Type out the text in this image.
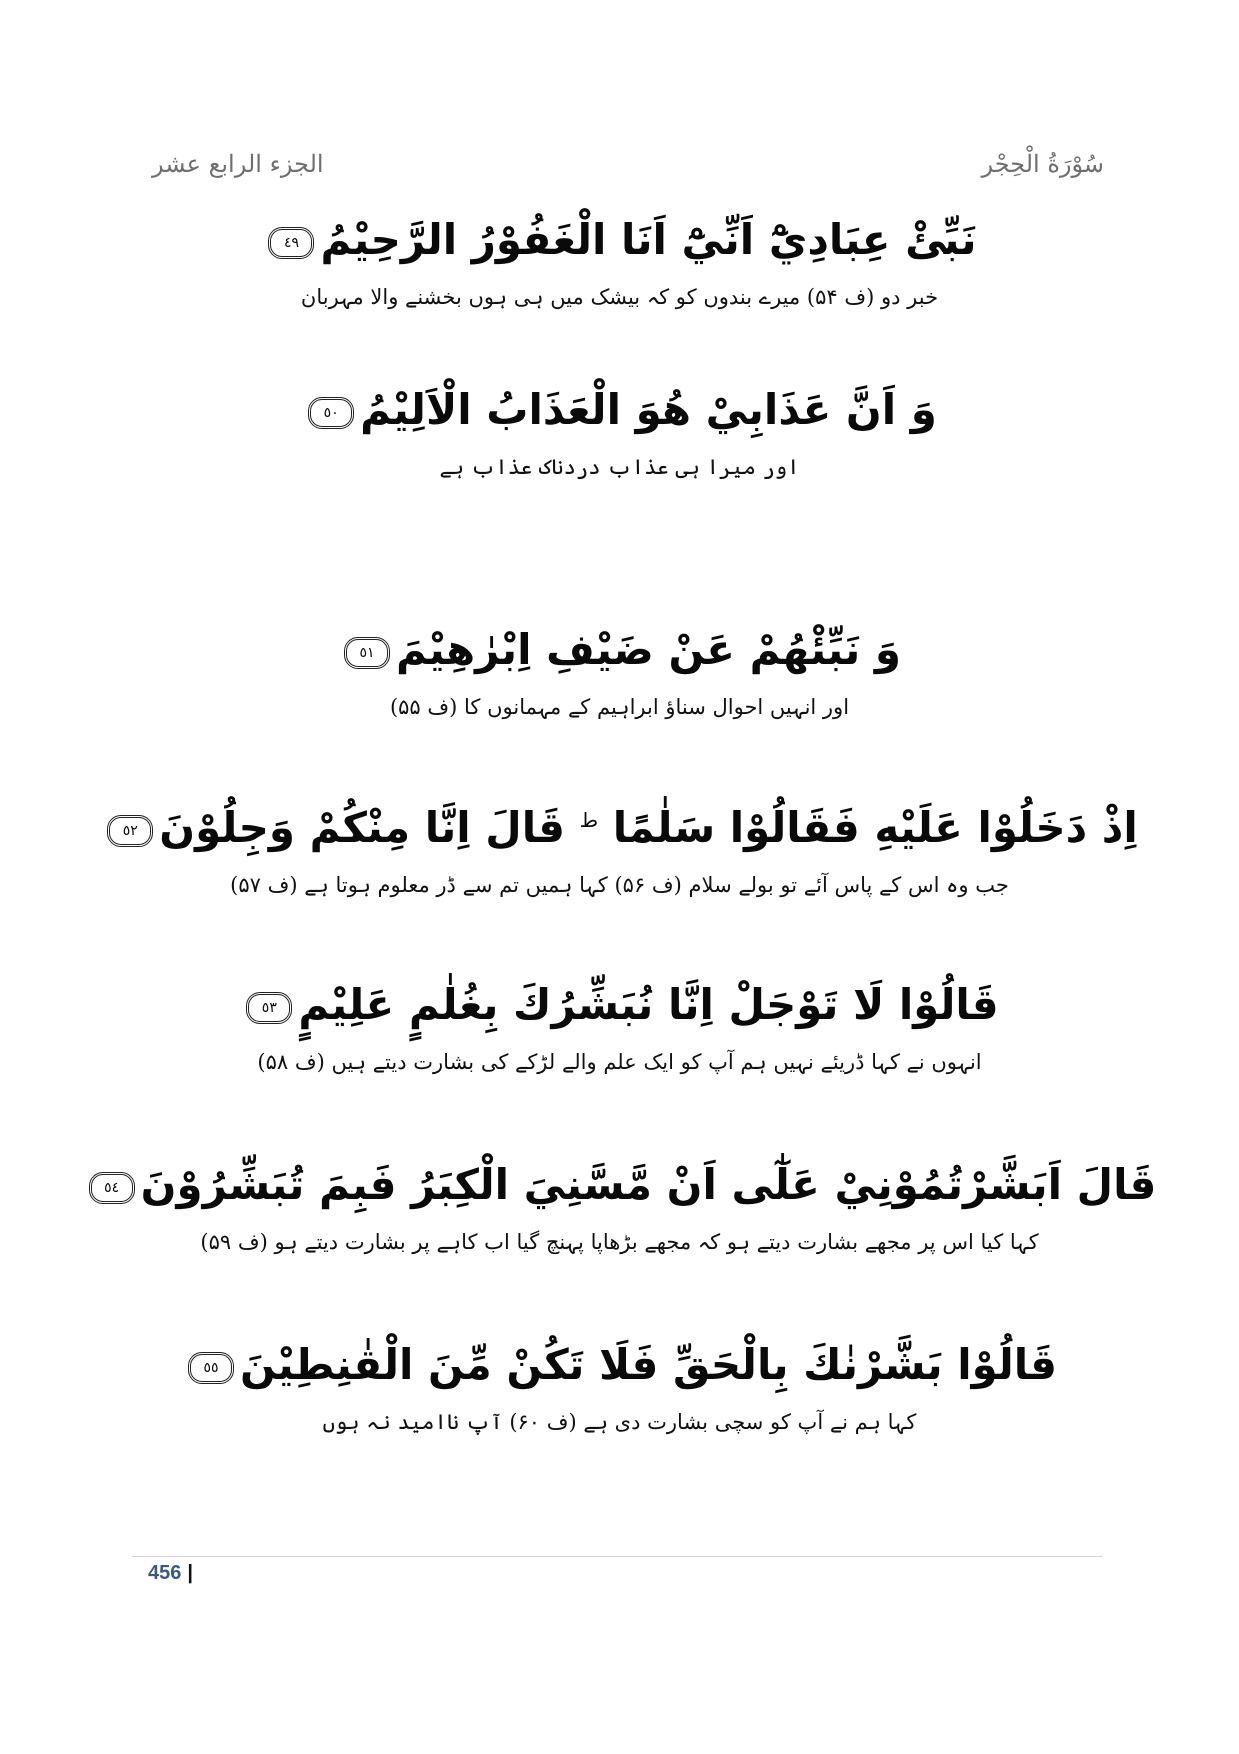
سُوْرَةُ الْحِجْر
الجزء الرابع عشر
نَبِّئْ عِبَادِيْٓ اَنِّيْٓ اَنَا الْغَفُوْرُ الرَّحِيْمُ٤٩
خبر دو (ف ۵۴) میرے بندوں کو کہ بیشک میں ہی ہوں بخشنے والا مہربان
وَ اَنَّ عَذَابِيْ هُوَ الْعَذَابُ الْاَلِيْمُ٥٠
اور میرا ہی عذاب دردناک عذاب ہے
وَ نَبِّئْهُمْ عَنْ ضَيْفِ اِبْرٰهِيْمَ٥١
اور انہیں احوال سناؤ ابراہیم کے مہمانوں کا (ف ۵۵)
اِذْ دَخَلُوْا عَلَيْهِ فَقَالُوْا سَلٰمًا $^ط$ قَالَ اِنَّا مِنْكُمْ وَجِلُوْنَ٥٢
جب وہ اس کے پاس آئے تو بولے سلام (ف ۵۶) کہا ہمیں تم سے ڈر معلوم ہوتا ہے (ف ۵۷)
قَالُوْا لَا تَوْجَلْ اِنَّا نُبَشِّرُكَ بِغُلٰمٍ عَلِيْمٍ٥٣
انہوں نے کہا ڈریئے نہیں ہم آپ کو ایک علم والے لڑکے کی بشارت دیتے ہیں (ف ۵۸)
قَالَ اَبَشَّرْتُمُوْنِيْ عَلٰٓى اَنْ مَّسَّنِيَ الْكِبَرُ فَبِمَ تُبَشِّرُوْنَ٥٤
کہا کیا اس پر مجھے بشارت دیتے ہو کہ مجھے بڑھاپا پہنچ گیا اب کاہے پر بشارت دیتے ہو (ف ۵۹)
قَالُوْا بَشَّرْنٰكَ بِالْحَقِّ فَلَا تَكُنْ مِّنَ الْقٰنِطِيْنَ٥٥
کہا ہم نے آپ کو سچی بشارت دی ہے (ف ۶۰) آپ ناامید نہ ہوں
456 |
